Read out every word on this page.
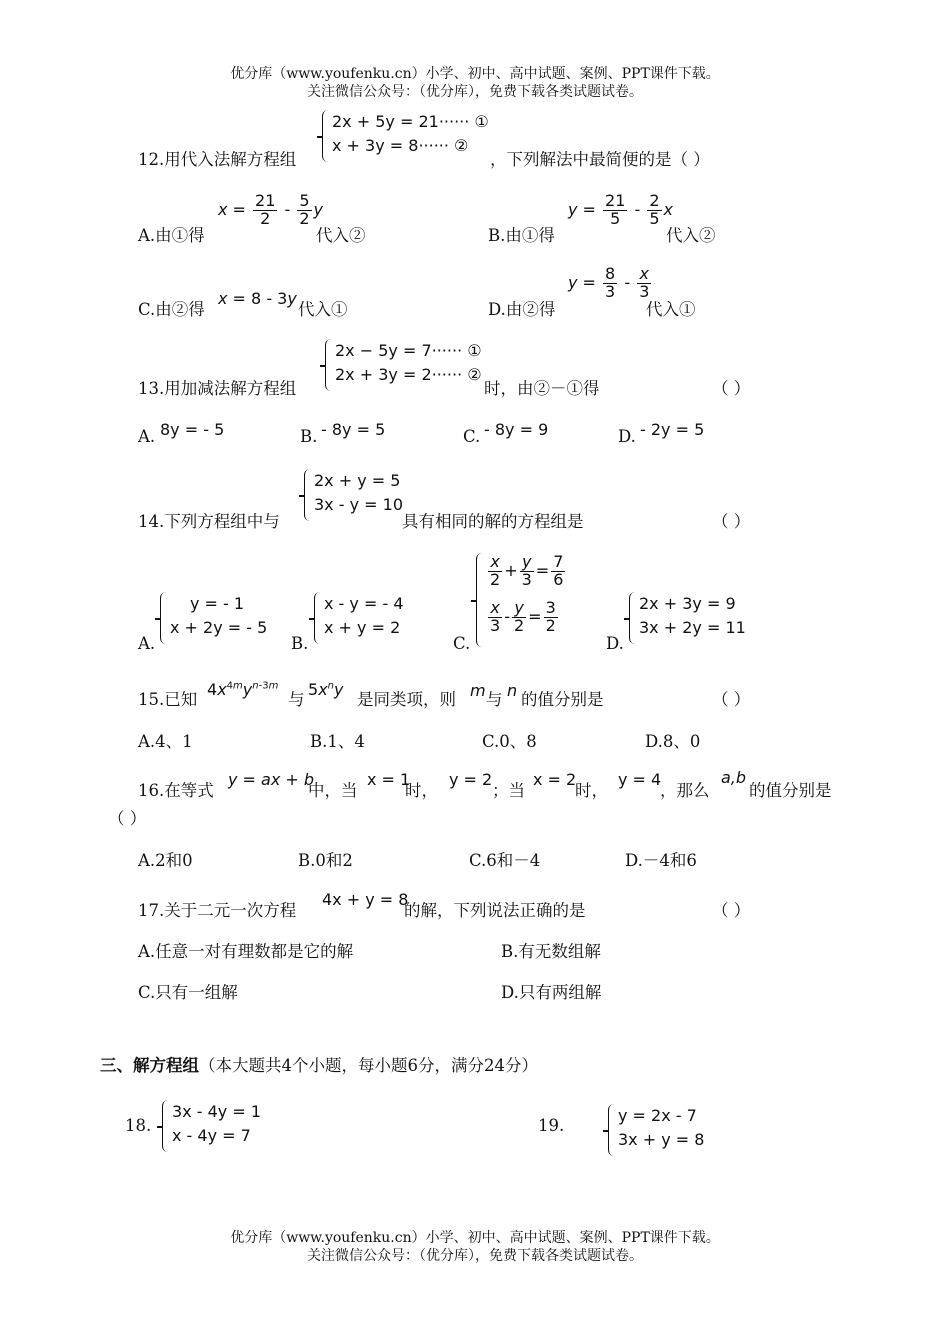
优分库（www.youfenku.cn）小学、初中、高中试题、案例、PPT课件下载。
关注微信公众号：（优分库），免费下载各类试题试卷。
12.用代入法解方程组
2x + 5y = 21······ ①
x + 3y = 8······ ②
，下列解法中最简便的是（ ）
A.由①得
$x = \frac{21}{2} - \frac{5}{2}$ y
代入②	B.由①得
$y = \frac{21}{5} - \frac{2}{5}$ x
代入②
C.由②得
x = 8 - 3y
代入①	D.由②得
$y = \frac{8}{3} - \frac{x}{3}$
代入①
13.用加减法解方程组
2x − 5y = 7······ ①
2x + 3y = 2······ ②
时，由②－①得	（ ）
A. 8y = - 5	B. - 8y = 5	C. - 8y = 9	D. - 2y = 5
14.下列方程组中与
2x + y = 5
3x - y = 10
具有相同的解的方程组是	（ ）
A.
y = - 1
x + 2y = - 5
B.
x - y = - 4
x + y = 2
C.
$\frac{x}{2} + \frac{y}{3} = \frac{7}{6}$
$\frac{x}{3} - \frac{y}{2} = \frac{3}{2}$
D.
2x + 3y = 9
3x + 2y = 11
15.已知
$4x^{4m}y^{n-3m}$
与
$5x^ny$
是同类项，则 m 与 n 的值分别是	（ ）
A.4、1	B.1、4	C.0、8	D.8、0
16.在等式
y = ax + b
中，当
x = 1
时，
y = 2
；当
x = 2
时，
y = 4
，那么
a,b
的值分别是
（ ）
A.2和0	B.0和2	C.6和－4	D.－4和6
17.关于二元一次方程
4x + y = 8
的解，下列说法正确的是	（ ）
A.任意一对有理数都是它的解	B.有无数组解
C.只有一组解	D.只有两组解
三、解方程组（本大题共4个小题，每小题6分，满分24分）
18.
3x - 4y = 1
x - 4y = 7
19.
y = 2x - 7
3x + y = 8
优分库（www.youfenku.cn）小学、初中、高中试题、案例、PPT课件下载。
关注微信公众号：（优分库），免费下载各类试题试卷。
